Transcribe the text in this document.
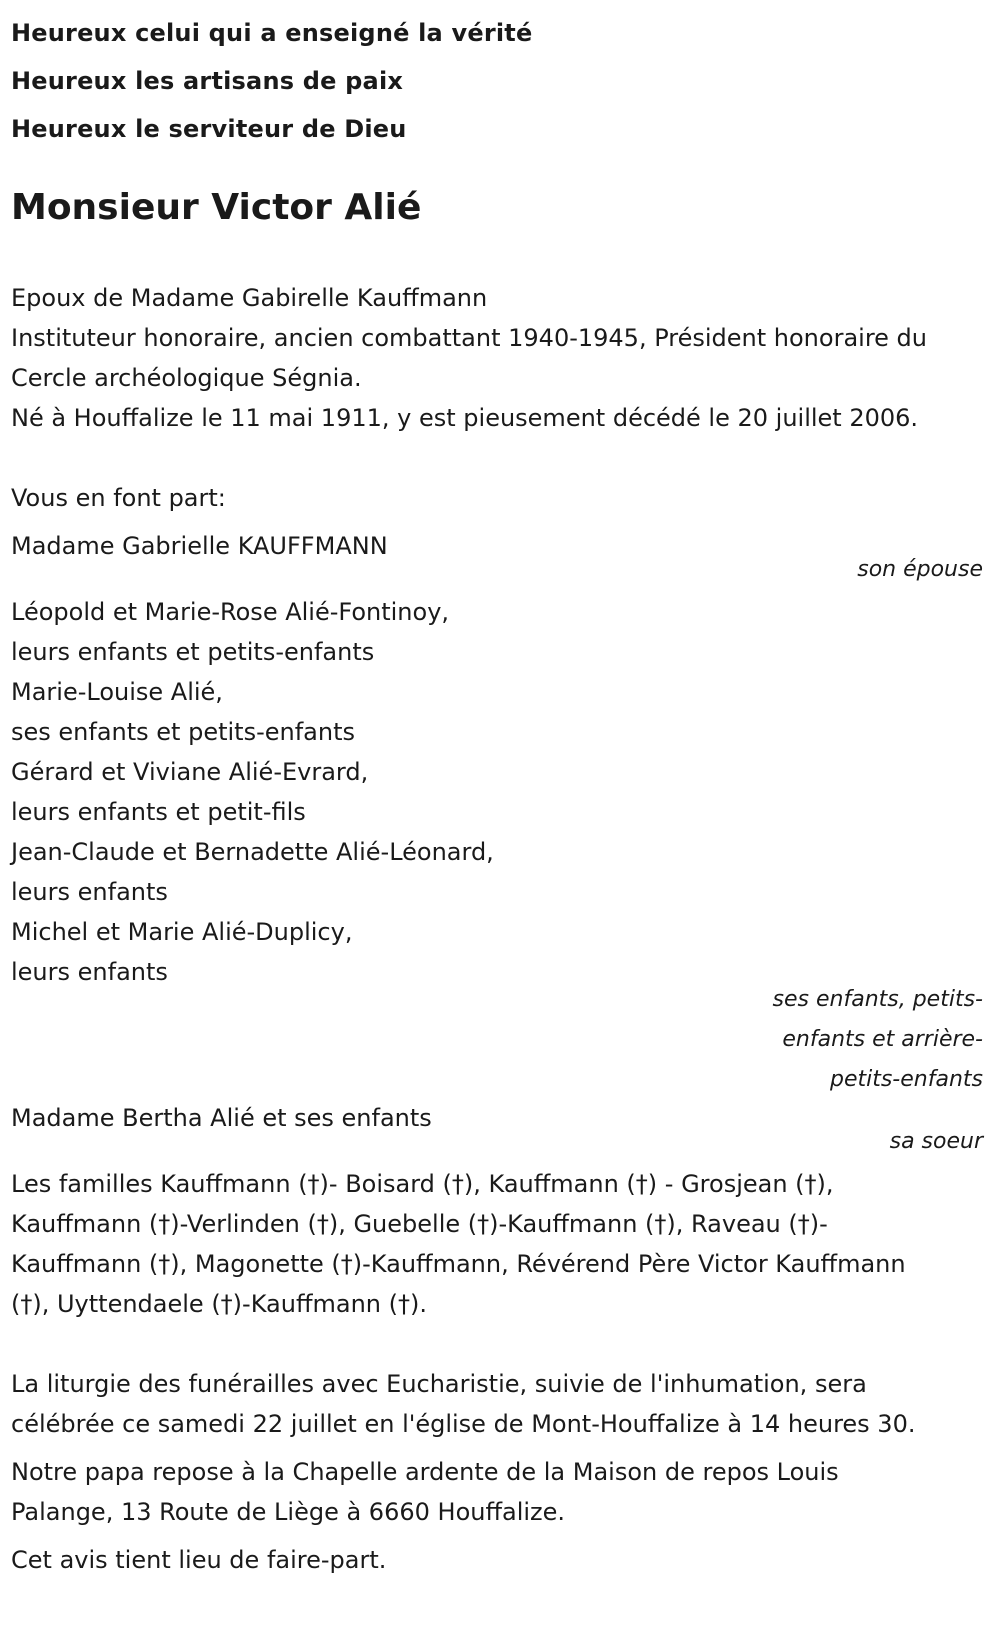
Heureux celui qui a enseigné la vérité

Heureux les artisans de paix

Heureux le serviteur de Dieu

Monsieur Victor Alié

Epoux de Madame Gabirelle Kauffmann

Instituteur honoraire, ancien combattant 1940-1945, Président honoraire du Cercle archéologique Ségnia.

Né à Houffalize le 11 mai 1911, y est pieusement décédé le 20 juillet 2006.

Vous en font part:

Madame Gabrielle KAUFFMANN

son épouse

Léopold et Marie-Rose Alié-Fontinoy,

leurs enfants et petits-enfants

Marie-Louise Alié,

ses enfants et petits-enfants

Gérard et Viviane Alié-Evrard,

leurs enfants et petit-fils

Jean-Claude et Bernadette Alié-Léonard,

leurs enfants

Michel et Marie Alié-Duplicy,

leurs enfants

ses enfants, petits-enfants et arrière-petits-enfants

Madame Bertha Alié et ses enfants

sa soeur

Les familles Kauffmann (†)- Boisard (†), Kauffmann (†) - Grosjean (†), Kauffmann (†)-Verlinden (†), Guebelle (†)-Kauffmann (†), Raveau (†)-Kauffmann (†), Magonette (†)-Kauffmann, Révérend Père Victor Kauffmann (†), Uyttendaele (†)-Kauffmann (†).

La liturgie des funérailles avec Eucharistie, suivie de l'inhumation, sera célébrée ce samedi 22 juillet en l'église de Mont-Houffalize à 14 heures 30.

Notre papa repose à la Chapelle ardente de la Maison de repos Louis Palange, 13 Route de Liège à 6660 Houffalize.

Cet avis tient lieu de faire-part.
